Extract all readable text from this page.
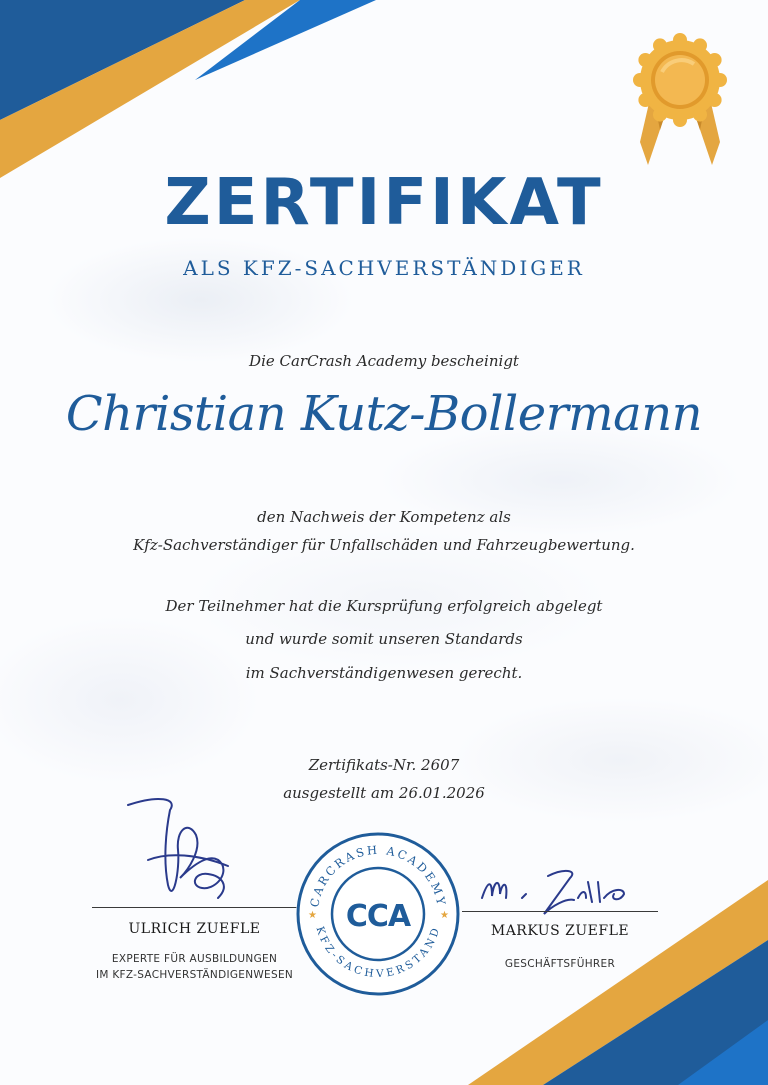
ZERTIFIKAT
ALS KFZ-SACHVERSTÄNDIGER
Die CarCrash Academy bescheinigt
Christian Kutz-Bollermann
den Nachweis der Kompetenz als
Kfz-Sachverständiger für Unfallschäden und Fahrzeugbewertung.
Der Teilnehmer hat die Kursprüfung erfolgreich abgelegt
und wurde somit unseren Standards
im Sachverständigenwesen gerecht.
Zertifikats-Nr. 2607
ausgestellt am 26.01.2026
ULRICH ZUEFLE
EXPERTE FÜR AUSBILDUNGEN
IM KFZ-SACHVERSTÄNDIGENWESEN
MARKUS ZUEFLE
GESCHÄFTSFÜHRER
CARCRASH ACADEMY
KFZ-SACHVERSTAND
★	★
CCA
